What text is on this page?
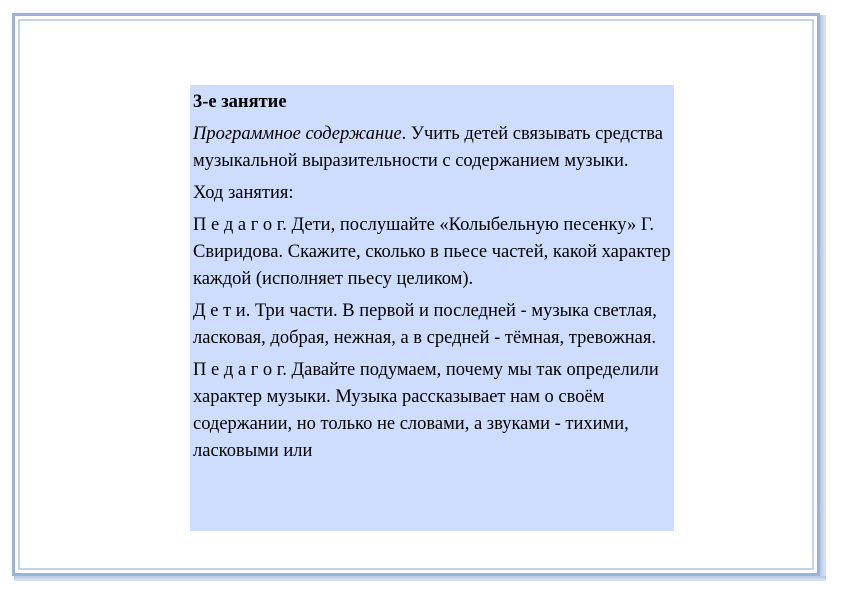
3-е занятие

Программное содержание. Учить детей связывать средства музыкальной выразительности с содержанием музыки.

Ход занятия:

П е д а г о г. Дети, послушайте «Колыбельную песенку» Г. Свиридова. Скажите, сколько в пьесе частей, какой характер каждой (исполняет пьесу целиком).

Д е т и. Три части. В первой и последней - музыка светлая, ласковая, добрая, нежная, а в средней - тёмная, тревожная.

П е д а г о г. Давайте подумаем, почему мы так определили характер музыки. Музыка рассказывает нам о своём содержании, но только не словами, а звуками - тихими, ласковыми или
